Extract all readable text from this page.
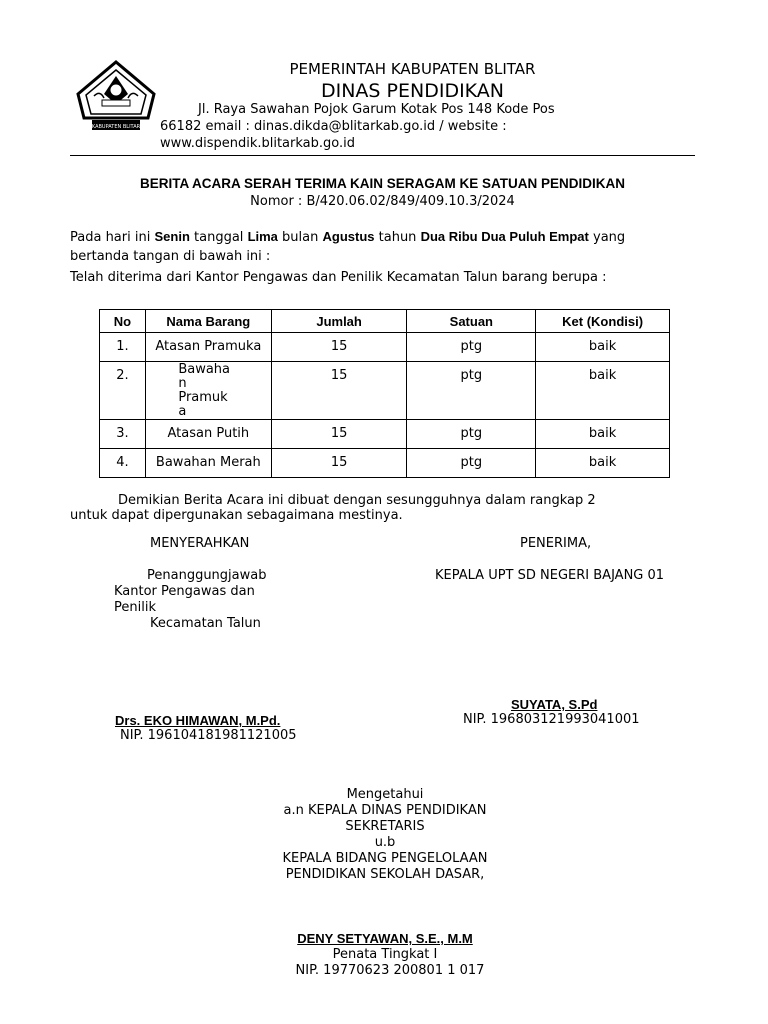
KABUPATEN BLITAR
PEMERINTAH KABUPATEN BLITAR
DINAS PENDIDIKAN
Jl. Raya Sawahan Pojok Garum Kotak Pos 148 Kode Pos
66182 email : dinas.dikda@blitarkab.go.id / website :
www.dispendik.blitarkab.go.id
BERITA ACARA SERAH TERIMA KAIN SERAGAM KE SATUAN PENDIDIKAN
Nomor : B/420.06.02/849/409.10.3/2024
Pada hari ini Senin tanggal Lima bulan Agustus tahun Dua Ribu Dua Puluh Empat yang
bertanda tangan di bawah ini :
Telah diterima dari Kantor Pengawas dan Penilik Kecamatan Talun barang berupa :
No	Nama Barang	Jumlah	Satuan	Ket (Kondisi)
1.	Atasan Pramuka	15	ptg	baik
2.	Bawaha
n
Pramuk
a	15	ptg	baik
3.	Atasan Putih	15	ptg	baik
4.	Bawahan Merah	15	ptg	baik
Demikian Berita Acara ini dibuat dengan sesungguhnya dalam rangkap 2
untuk dapat dipergunakan sebagaimana mestinya.
MENYERAHKAN
Penanggungjawab
Kantor Pengawas dan
Penilik
Kecamatan Talun
Drs. EKO HIMAWAN, M.Pd.
NIP. 196104181981121005
PENERIMA,
KEPALA UPT SD NEGERI BAJANG 01
SUYATA, S.Pd
NIP. 196803121993041001
Mengetahui
a.n KEPALA DINAS PENDIDIKAN
SEKRETARIS
u.b
KEPALA BIDANG PENGELOLAAN
PENDIDIKAN SEKOLAH DASAR,
DENY SETYAWAN, S.E., M.M
Penata Tingkat I
NIP. 19770623 200801 1 017
